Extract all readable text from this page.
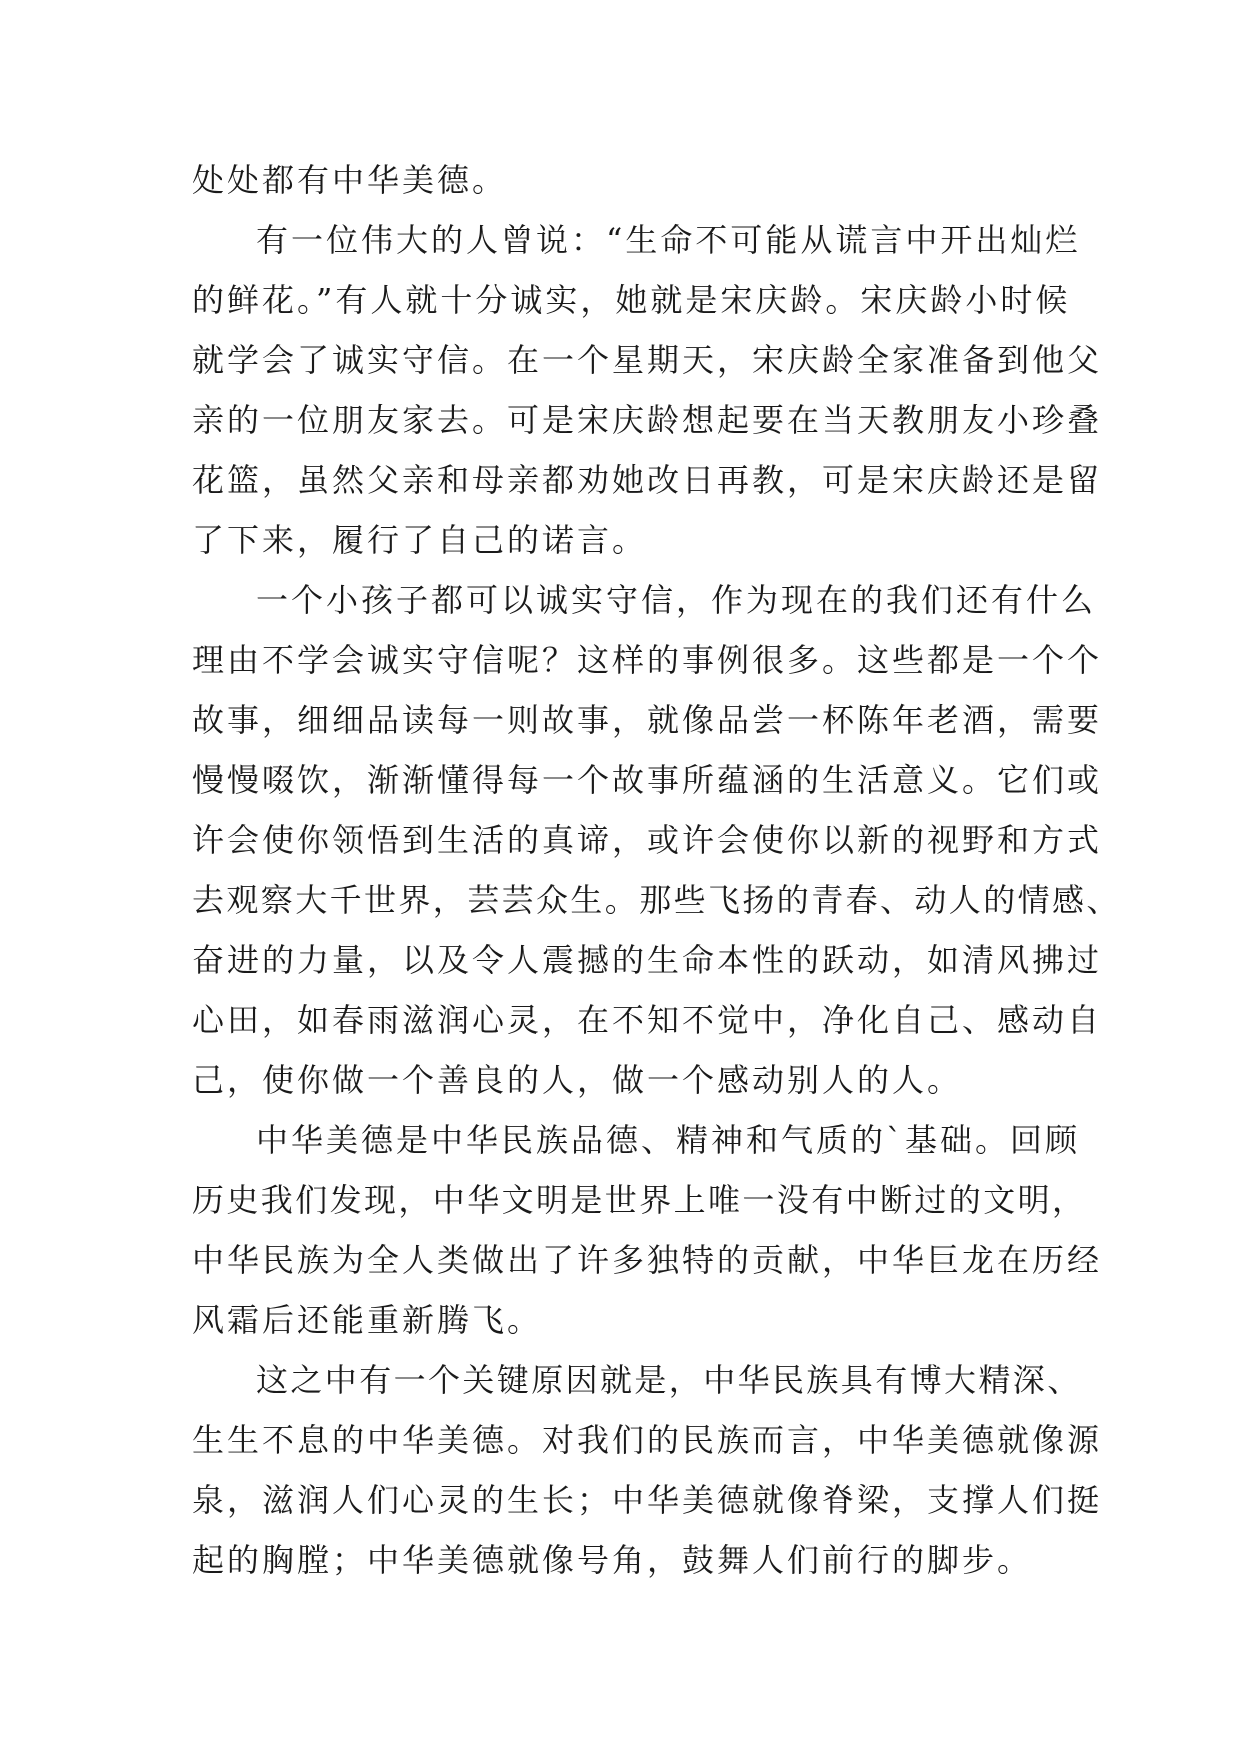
处处都有中华美德。
有一位伟大的人曾说：“生命不可能从谎言中开出灿烂
的鲜花。”有人就十分诚实，她就是宋庆龄。宋庆龄小时候
就学会了诚实守信。在一个星期天，宋庆龄全家准备到他父
亲的一位朋友家去。可是宋庆龄想起要在当天教朋友小珍叠
花篮，虽然父亲和母亲都劝她改日再教，可是宋庆龄还是留
了下来，履行了自己的诺言。
一个小孩子都可以诚实守信，作为现在的我们还有什么
理由不学会诚实守信呢？这样的事例很多。这些都是一个个
故事，细细品读每一则故事，就像品尝一杯陈年老酒，需要
慢慢啜饮，渐渐懂得每一个故事所蕴涵的生活意义。它们或
许会使你领悟到生活的真谛，或许会使你以新的视野和方式
去观察大千世界，芸芸众生。那些飞扬的青春、动人的情感、
奋进的力量，以及令人震撼的生命本性的跃动，如清风拂过
心田，如春雨滋润心灵，在不知不觉中，净化自己、感动自
己，使你做一个善良的人，做一个感动别人的人。
中华美德是中华民族品德、精神和气质的`基础。回顾
历史我们发现，中华文明是世界上唯一没有中断过的文明，
中华民族为全人类做出了许多独特的贡献，中华巨龙在历经
风霜后还能重新腾飞。
这之中有一个关键原因就是，中华民族具有博大精深、
生生不息的中华美德。对我们的民族而言，中华美德就像源
泉，滋润人们心灵的生长；中华美德就像脊梁，支撑人们挺
起的胸膛；中华美德就像号角，鼓舞人们前行的脚步。
